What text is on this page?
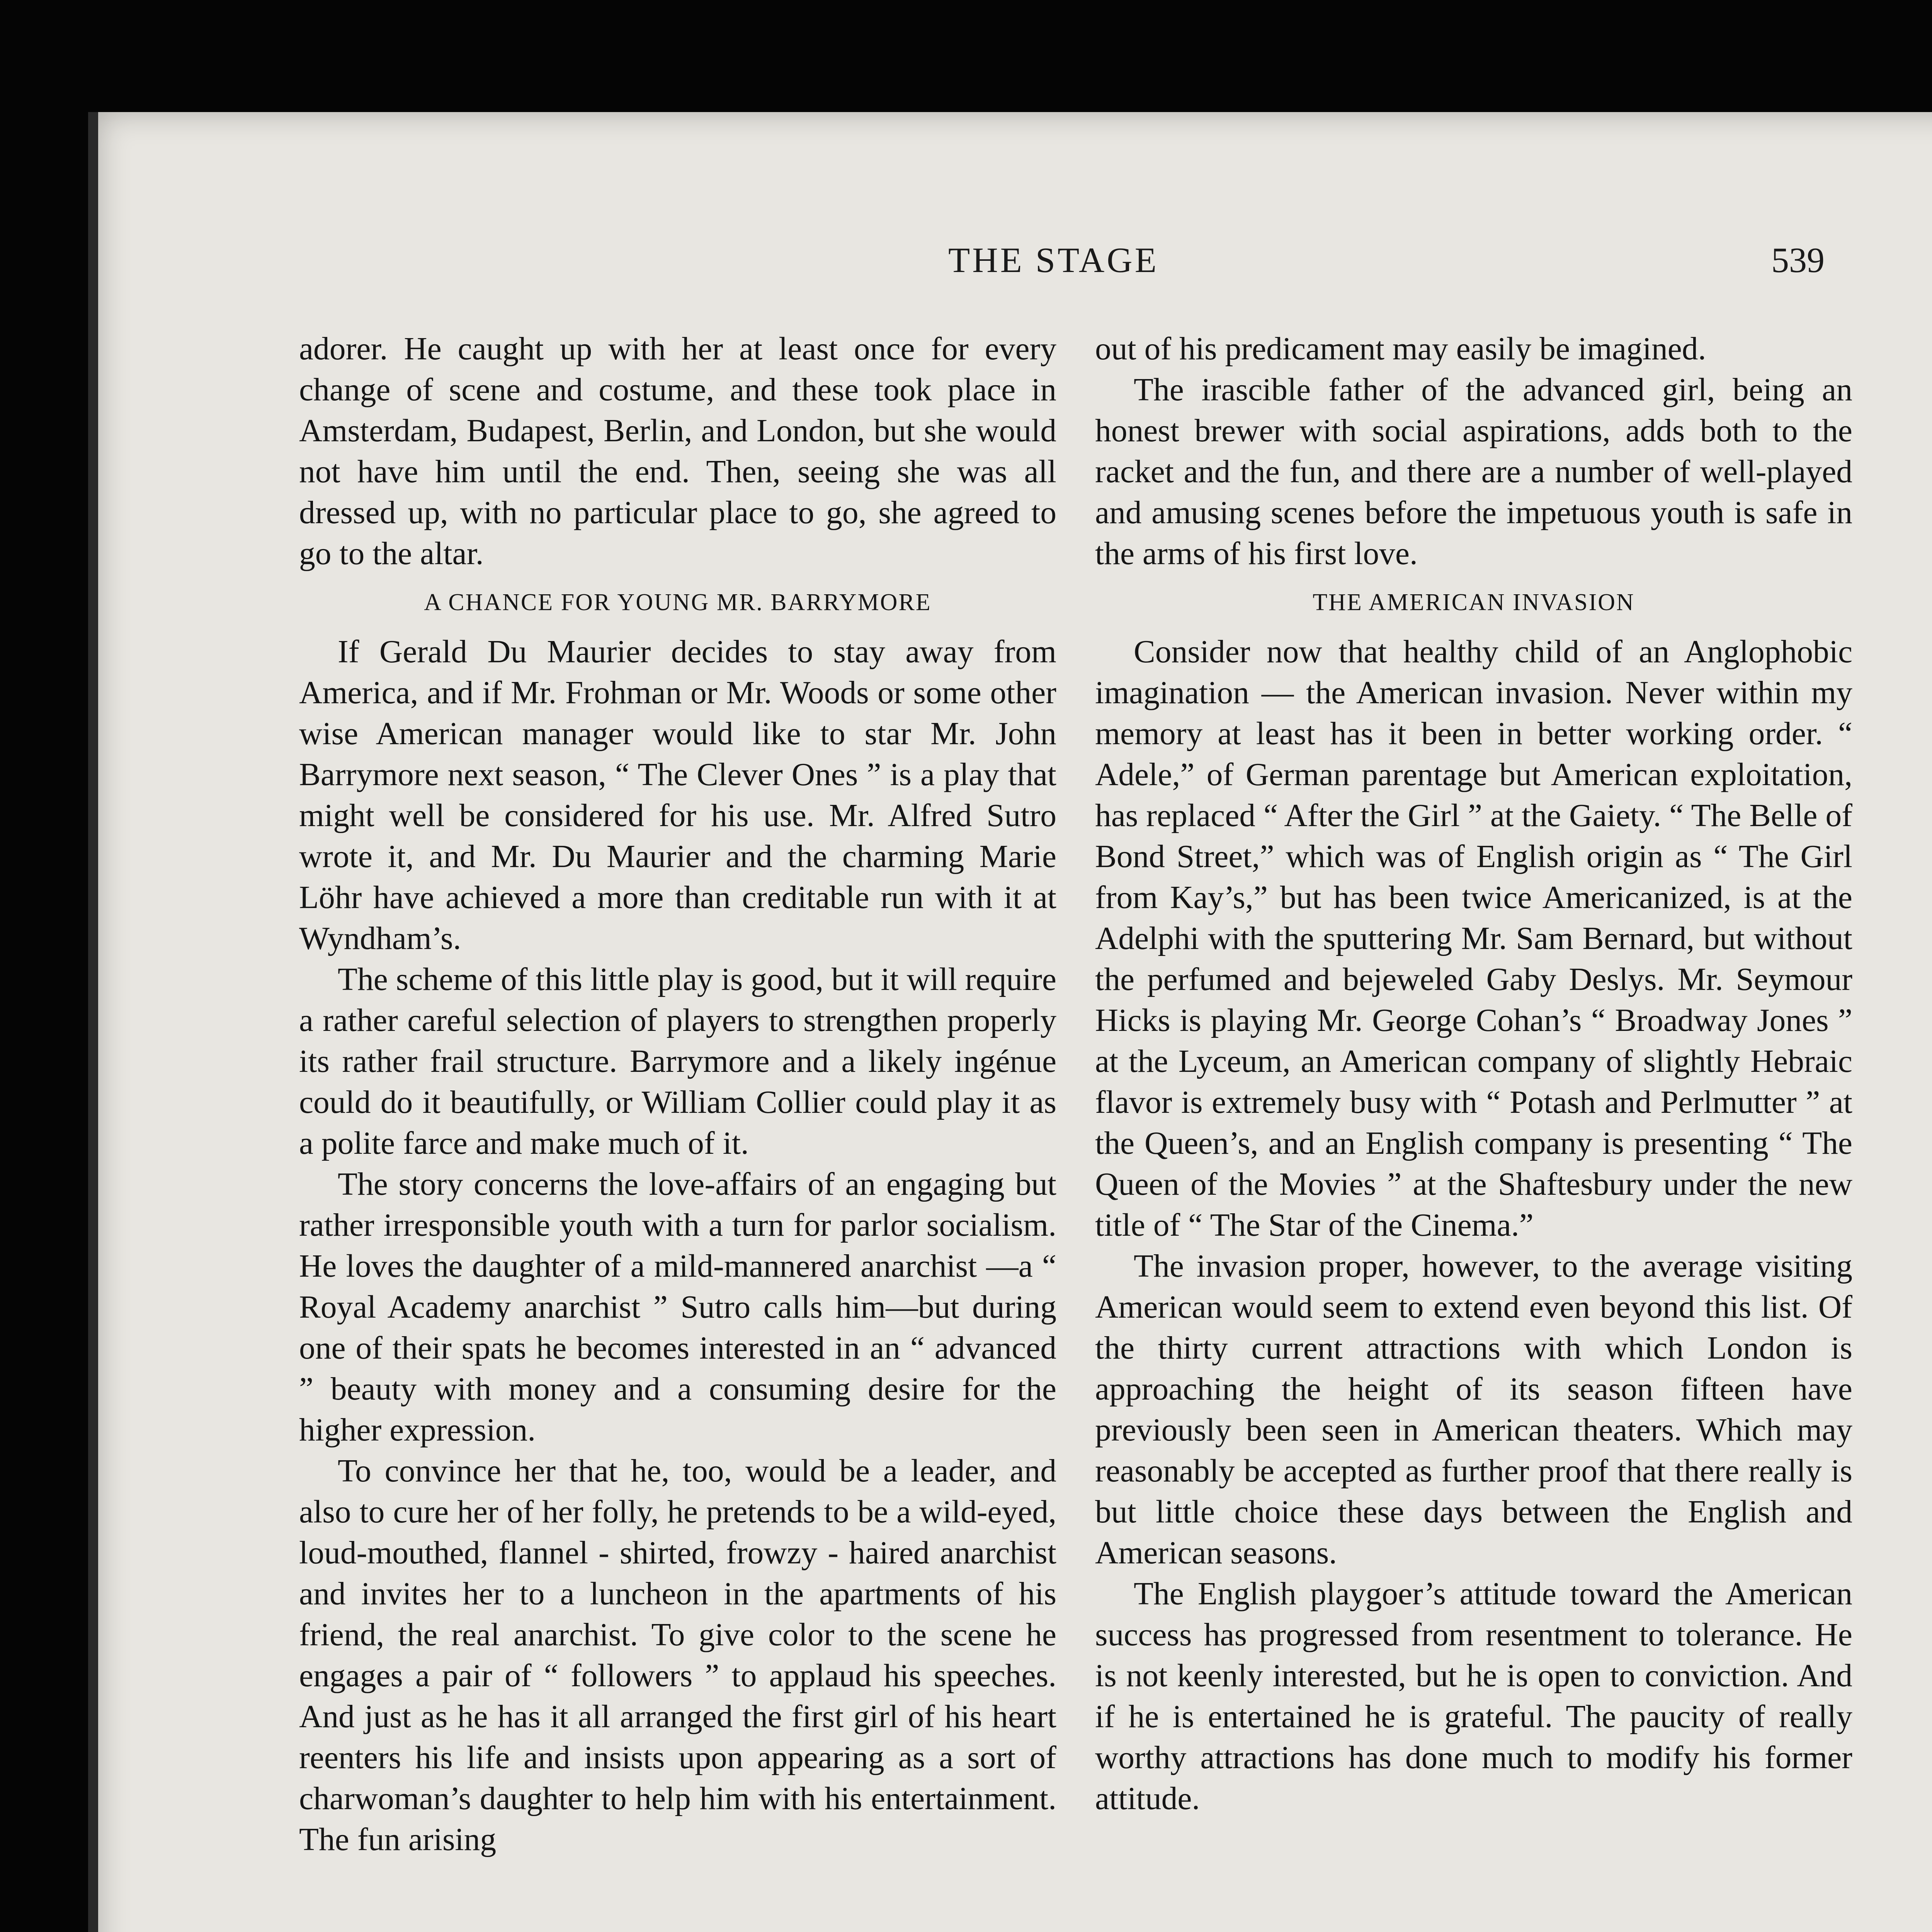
THE STAGE	539

adorer. He caught up with her at least once for every change of scene and costume, and these took place in Amsterdam, Budapest, Berlin, and London, but she would not have him until the end. Then, seeing she was all dressed up, with no particular place to go, she agreed to go to the altar.

A CHANCE FOR YOUNG MR. BARRYMORE

If Gerald Du Maurier decides to stay away from America, and if Mr. Frohman or Mr. Woods or some other wise American manager would like to star Mr. John Barrymore next season, “ The Clever Ones ” is a play that might well be considered for his use. Mr. Alfred Sutro wrote it, and Mr. Du Maurier and the charming Marie Löhr have achieved a more than creditable run with it at Wyndham’s.

The scheme of this little play is good, but it will require a rather careful selection of players to strengthen properly its rather frail structure. Barrymore and a likely ingénue could do it beautifully, or William Collier could play it as a polite farce and make much of it.

The story concerns the love-affairs of an engaging but rather irresponsible youth with a turn for parlor socialism. He loves the daughter of a mild-mannered anarchist —a “ Royal Academy anarchist ” Sutro calls him—but during one of their spats he becomes interested in an “ advanced ” beauty with money and a consuming desire for the higher expression.

To convince her that he, too, would be a leader, and also to cure her of her folly, he pretends to be a wild-eyed, loud-mouthed, flannel - shirted, frowzy - haired anarchist and invites her to a luncheon in the apartments of his friend, the real anarchist. To give color to the scene he engages a pair of “ followers ” to applaud his speeches. And just as he has it all arranged the first girl of his heart reenters his life and insists upon appearing as a sort of charwoman’s daughter to help him with his entertainment. The fun arising

out of his predicament may easily be imagined.

The irascible father of the advanced girl, being an honest brewer with social aspirations, adds both to the racket and the fun, and there are a number of well-played and amusing scenes before the impetuous youth is safe in the arms of his first love.

THE AMERICAN INVASION

Consider now that healthy child of an Anglophobic imagination — the American invasion. Never within my memory at least has it been in better working order. “ Adele,” of German parentage but American exploitation, has replaced “ After the Girl ” at the Gaiety. “ The Belle of Bond Street,” which was of English origin as “ The Girl from Kay’s,” but has been twice Americanized, is at the Adelphi with the sputtering Mr. Sam Bernard, but without the perfumed and bejeweled Gaby Deslys. Mr. Seymour Hicks is playing Mr. George Cohan’s “ Broadway Jones ” at the Lyceum, an American company of slightly Hebraic flavor is extremely busy with “ Potash and Perlmutter ” at the Queen’s, and an English company is presenting “ The Queen of the Movies ” at the Shaftesbury under the new title of “ The Star of the Cinema.”

The invasion proper, however, to the average visiting American would seem to extend even beyond this list. Of the thirty current attractions with which London is approaching the height of its season fifteen have previously been seen in American theaters. Which may reasonably be accepted as further proof that there really is but little choice these days between the English and American seasons.

The English playgoer’s attitude toward the American success has progressed from resentment to tolerance. He is not keenly interested, but he is open to conviction. And if he is entertained he is grateful. The paucity of really worthy attractions has done much to modify his former attitude.
